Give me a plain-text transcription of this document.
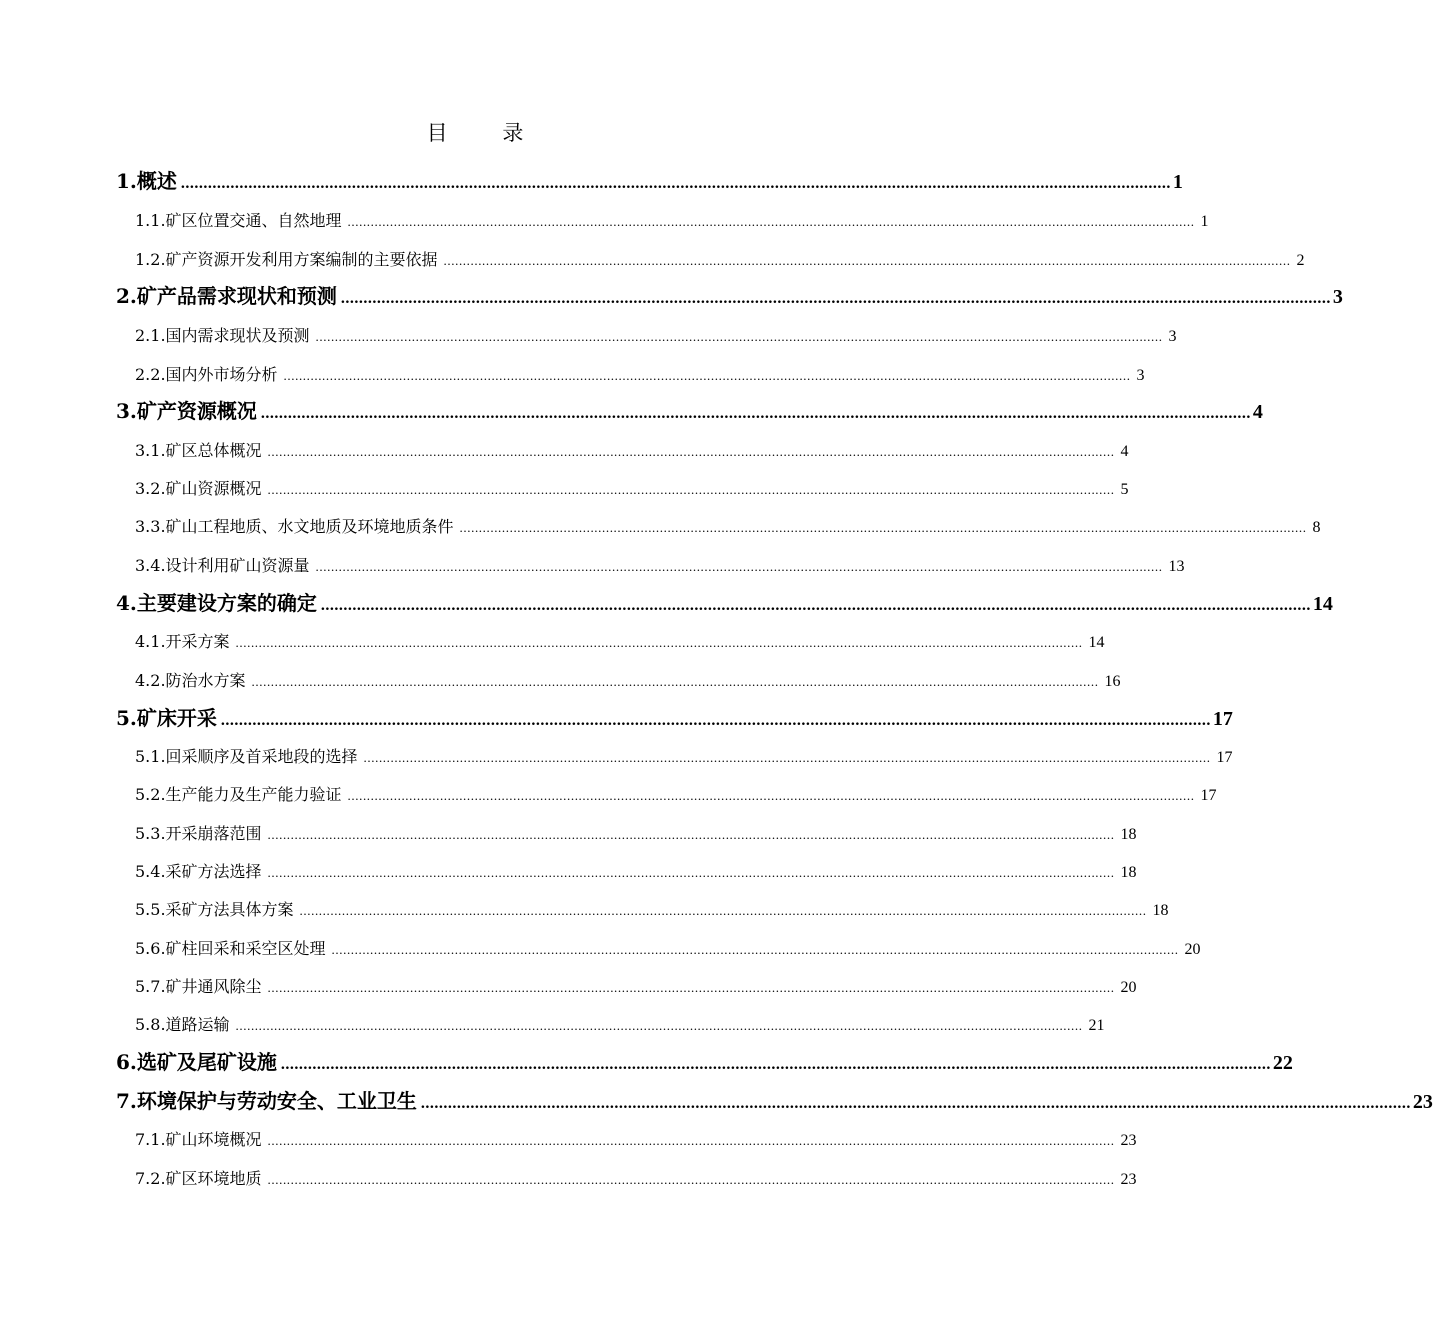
目 录
1.概述 ............................................................................................................................................................................................................................ 1
1.1.矿区位置交通、自然地理 ............................................................................................................................................................................................................................ 1
1.2.矿产资源开发利用方案编制的主要依据 ............................................................................................................................................................................................................................ 2
2.矿产品需求现状和预测 ............................................................................................................................................................................................................................ 3
2.1.国内需求现状及预测 ............................................................................................................................................................................................................................ 3
2.2.国内外市场分析 ............................................................................................................................................................................................................................ 3
3.矿产资源概况 ............................................................................................................................................................................................................................ 4
3.1.矿区总体概况 ............................................................................................................................................................................................................................ 4
3.2.矿山资源概况 ............................................................................................................................................................................................................................ 5
3.3.矿山工程地质、水文地质及环境地质条件 ............................................................................................................................................................................................................................ 8
3.4.设计利用矿山资源量 ............................................................................................................................................................................................................................ 13
4.主要建设方案的确定 ............................................................................................................................................................................................................................ 14
4.1.开采方案 ............................................................................................................................................................................................................................ 14
4.2.防治水方案 ............................................................................................................................................................................................................................ 16
5.矿床开采 ............................................................................................................................................................................................................................ 17
5.1.回采顺序及首采地段的选择 ............................................................................................................................................................................................................................ 17
5.2.生产能力及生产能力验证 ............................................................................................................................................................................................................................ 17
5.3.开采崩落范围 ............................................................................................................................................................................................................................ 18
5.4.采矿方法选择 ............................................................................................................................................................................................................................ 18
5.5.采矿方法具体方案 ............................................................................................................................................................................................................................ 18
5.6.矿柱回采和采空区处理 ............................................................................................................................................................................................................................ 20
5.7.矿井通风除尘 ............................................................................................................................................................................................................................ 20
5.8.道路运输 ............................................................................................................................................................................................................................ 21
6.选矿及尾矿设施 ............................................................................................................................................................................................................................ 22
7.环境保护与劳动安全、工业卫生 ............................................................................................................................................................................................................................ 23
7.1.矿山环境概况 ............................................................................................................................................................................................................................ 23
7.2.矿区环境地质 ............................................................................................................................................................................................................................ 23
